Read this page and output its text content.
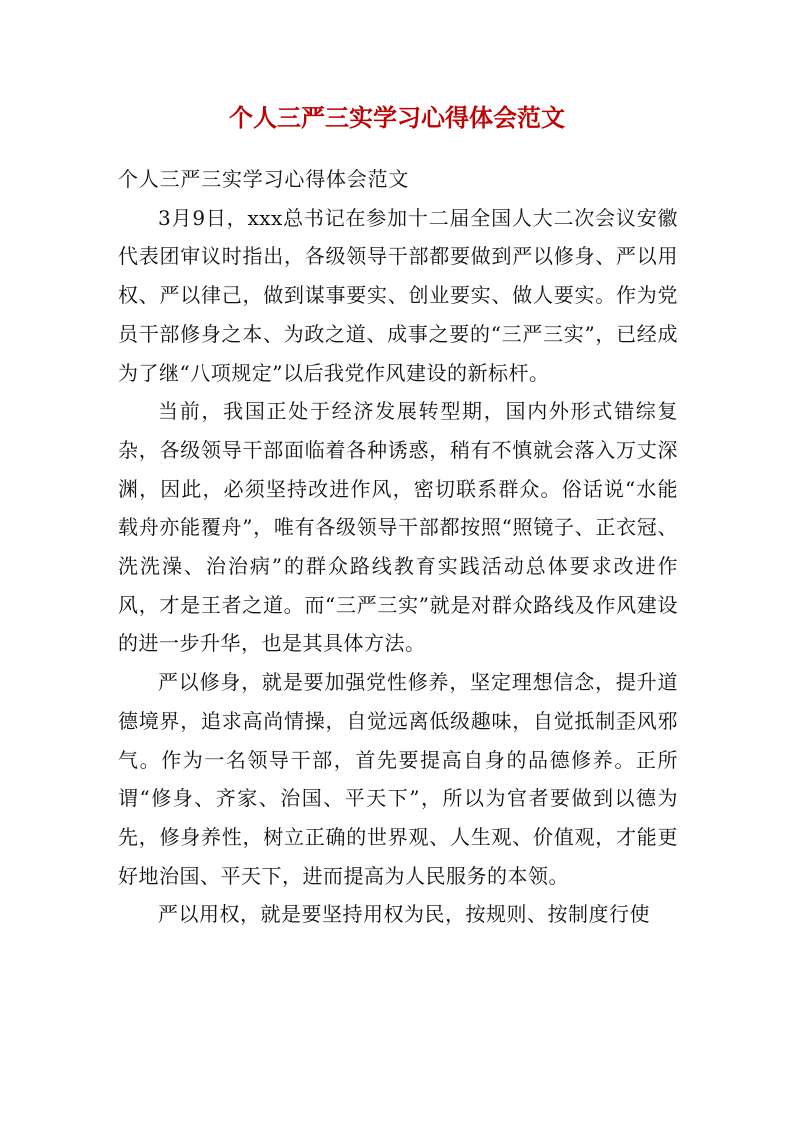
个人三严三实学习心得体会范文

个人三严三实学习心得体会范文

3月9日，xxx总书记在参加十二届全国人大二次会议安徽代表团审议时指出，各级领导干部都要做到严以修身、严以用权、严以律己，做到谋事要实、创业要实、做人要实。作为党员干部修身之本、为政之道、成事之要的“三严三实”，已经成为了继“八项规定”以后我党作风建设的新标杆。

当前，我国正处于经济发展转型期，国内外形式错综复杂，各级领导干部面临着各种诱惑，稍有不慎就会落入万丈深渊，因此，必须坚持改进作风，密切联系群众。俗话说“水能载舟亦能覆舟”，唯有各级领导干部都按照“照镜子、正衣冠、洗洗澡、治治病”的群众路线教育实践活动总体要求改进作风，才是王者之道。而“三严三实”就是对群众路线及作风建设的进一步升华，也是其具体方法。

严以修身，就是要加强党性修养，坚定理想信念，提升道德境界，追求高尚情操，自觉远离低级趣味，自觉抵制歪风邪气。作为一名领导干部，首先要提高自身的品德修养。正所谓“修身、齐家、治国、平天下”，所以为官者要做到以德为先，修身养性，树立正确的世界观、人生观、价值观，才能更好地治国、平天下，进而提高为人民服务的本领。

严以用权，就是要坚持用权为民，按规则、按制度行使
